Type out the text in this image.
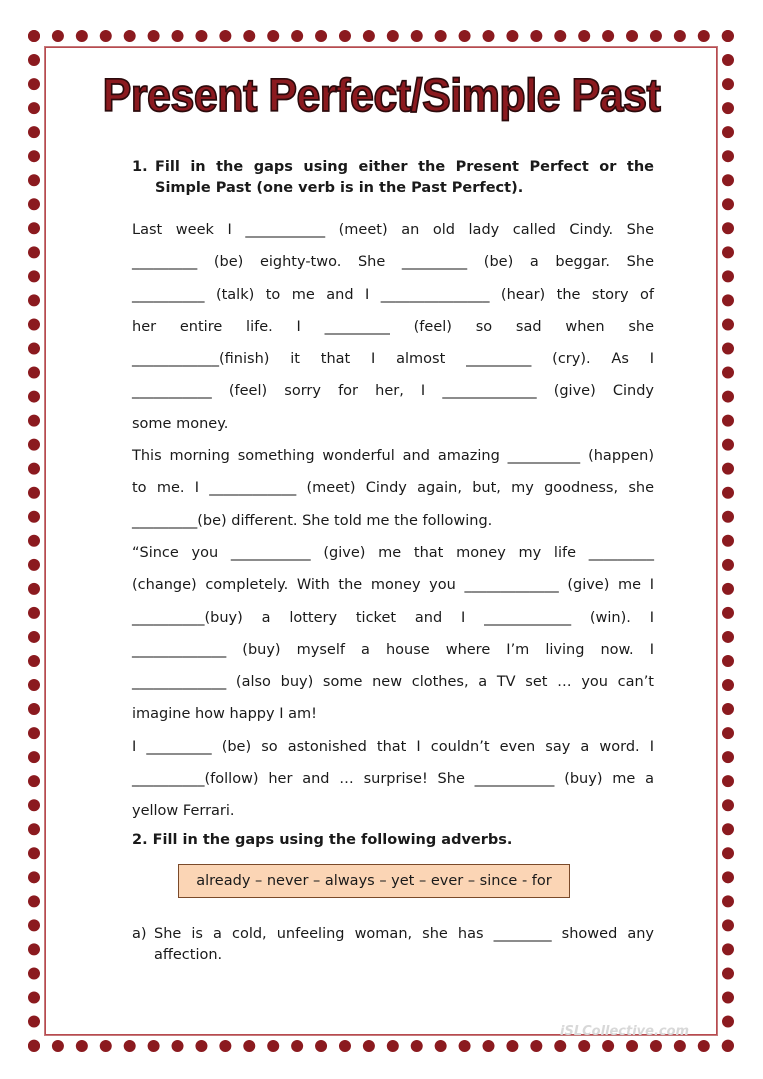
Present Perfect/Simple Past
1. Fill in the gaps using either the Present Perfect or the Simple Past (one verb is in the Past Perfect).
Last week I ___________ (meet) an old lady called Cindy. She
_________ (be) eighty-two. She _________ (be) a beggar. She
__________ (talk) to me and I _______________ (hear) the story of
her entire life. I _________ (feel) so sad when she
____________(finish) it that I almost _________ (cry). As I
___________ (feel) sorry for her, I _____________ (give) Cindy
some money.
This morning something wonderful and amazing __________ (happen)
to me. I ____________ (meet) Cindy again, but, my goodness, she
_________(be) different. She told me the following.
“Since you ___________ (give) me that money my life _________
(change) completely. With the money you _____________ (give) me I
__________(buy) a lottery ticket and I ____________ (win). I
_____________ (buy) myself a house where I’m living now. I
_____________ (also buy) some new clothes, a TV set … you can’t
imagine how happy I am!
I _________ (be) so astonished that I couldn’t even say a word. I
__________(follow) her and … surprise! She ___________ (buy) me a
yellow Ferrari.
2. Fill in the gaps using the following adverbs.
already – never – always – yet – ever – since - for
a) She is a cold, unfeeling woman, she has ________ showed any
affection.
iSLCollective.com
